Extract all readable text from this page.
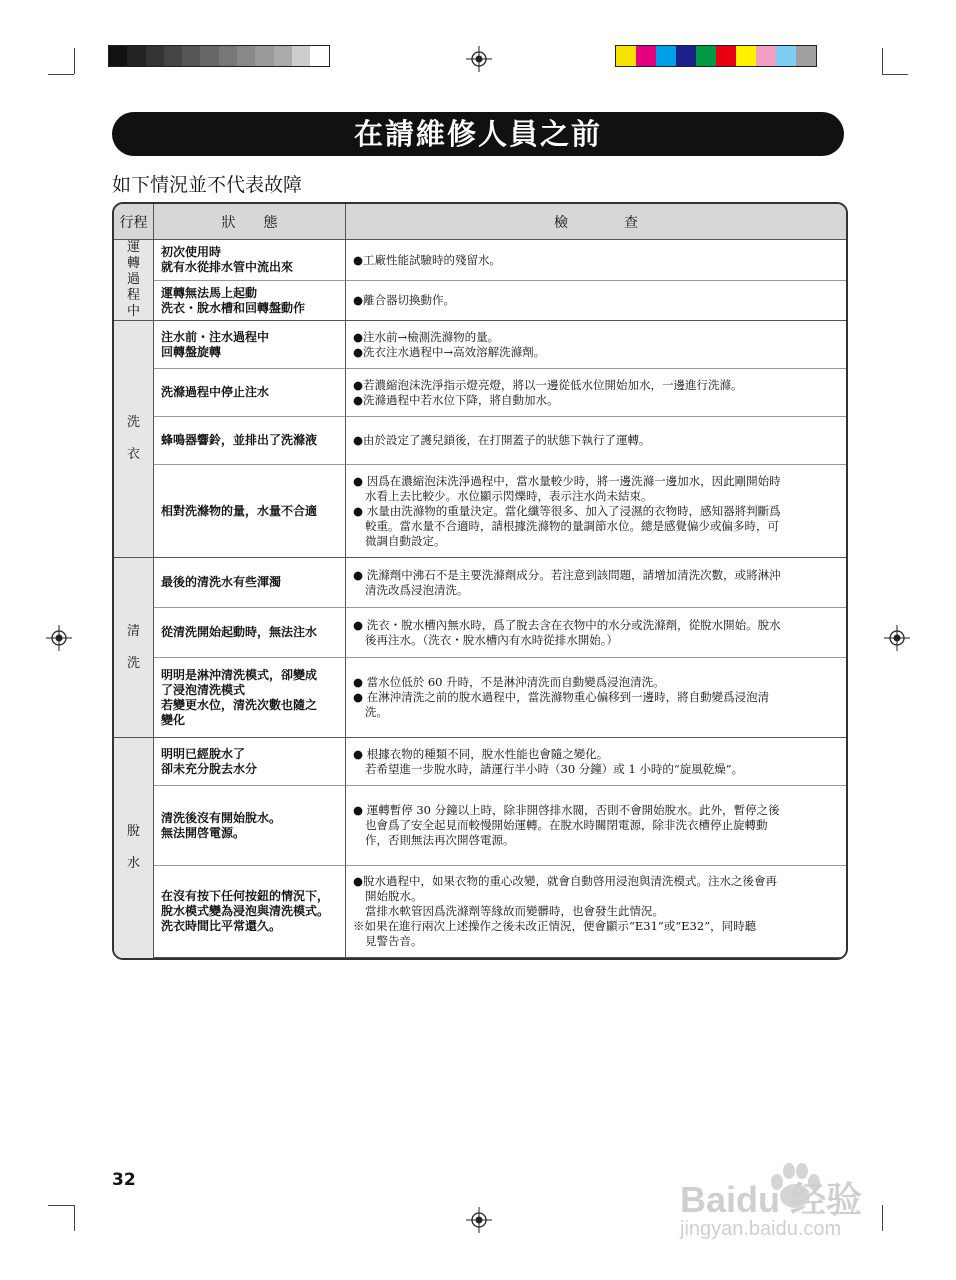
在請維修人員之前
如下情況並不代表故障
行程	狀　　態	檢　　　　查
運轉過程中	初次使用時
就有水從排水管中流出來	●工廠性能試驗時的殘留水。

	運轉無法馬上起動
洗衣・脫水槽和回轉盤動作	●離合器切換動作。

洗衣	注水前・注水過程中
回轉盤旋轉	●注水前→檢測洗滌物的量。
●洗衣注水過程中→高效溶解洗滌劑。

	洗滌過程中停止注水	●若濃縮泡沫洗淨指示燈亮燈，將以一邊從低水位開始加水，一邊進行洗滌。
●洗滌過程中若水位下降，將自動加水。

	蜂鳴器響鈴，並排出了洗滌液	●由於設定了護兒鎖後，在打開蓋子的狀態下執行了運轉。

	相對洗滌物的量，水量不合適	● 因爲在濃縮泡沫洗淨過程中，當水量較少時，將一邊洗滌一邊加水，因此剛開始時
水看上去比較少。水位顯示閃爍時，表示注水尚未結束。
● 水量由洗滌物的重量決定。當化纖等很多、加入了浸濕的衣物時，感知器將判斷爲
較重。當水量不合適時，請根據洗滌物的量調節水位。總是感覺偏少或偏多時，可
微調自動設定。

清洗	最後的清洗水有些渾濁	● 洗滌劑中沸石不是主要洗滌劑成分。若注意到該問題，請增加清洗次數，或將淋沖
清洗改爲浸泡清洗。

	從清洗開始起動時，無法注水	● 洗衣・脫水槽內無水時，爲了脫去含在衣物中的水分或洗滌劑，從脫水開始。脫水
後再注水。（洗衣・脫水槽內有水時從排水開始。）

	明明是淋沖清洗模式，卻變成
了浸泡清洗模式
若變更水位，清洗次數也隨之
變化	● 當水位低於 60 升時，不是淋沖清洗而自動變爲浸泡清洗。
● 在淋沖清洗之前的脫水過程中，當洗滌物重心偏移到一邊時，將自動變爲浸泡清
洗。

脫水	明明已經脫水了
卻未充分脫去水分	● 根據衣物的種類不同，脫水性能也會隨之變化。
若希望進一步脫水時，請運行半小時（30 分鐘）或 1 小時的“旋風乾燥”。

	清洗後沒有開始脫水。
無法開啓電源。	● 運轉暫停 30 分鐘以上時，除非開啓排水閥，否則不會開始脫水。此外，暫停之後
也會爲了安全起見而較慢開始運轉。在脫水時關閉電源，除非洗衣槽停止旋轉動
作，否則無法再次開啓電源。

	在沒有按下任何按鈕的情況下，
脫水模式變為浸泡與清洗模式。
洗衣時間比平常還久。	●脫水過程中，如果衣物的重心改變，就會自動啓用浸泡與清洗模式。注水之後會再
開始脫水。
當排水軟管因爲洗滌劑等緣故而變髒時，也會發生此情況。
※如果在進行兩次上述操作之後未改正情況，便會顯示“E31”或“E32”，同時聽
見警告音。
32	Baidu 经验
jingyan.baidu.com
